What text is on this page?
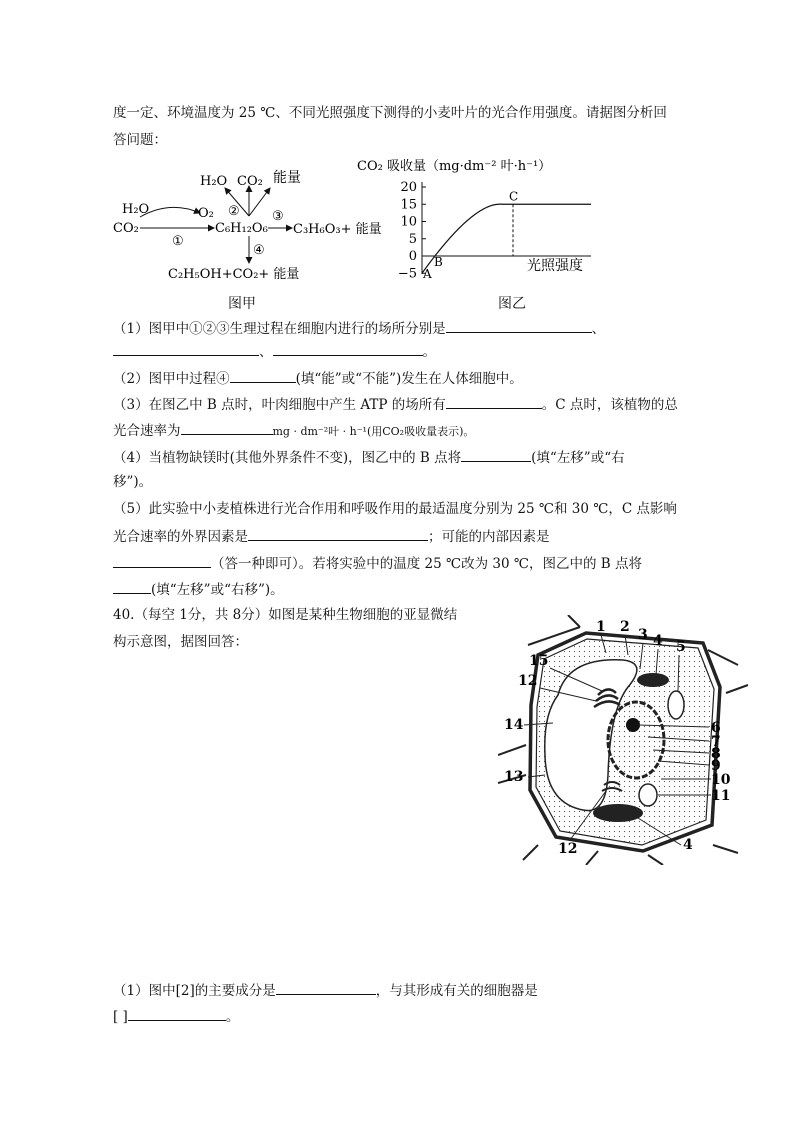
度一定、环境温度为 25 ℃、不同光照强度下测得的小麦叶片的光合作用强度。请据图分析回
答问题：
H₂O
CO₂
①
O₂
C₆H₁₂O₆
H₂O CO₂ 能量
② ③
C₃H₆O₃+ 能量
④
C₂H₅OH+CO₂+ 能量
图甲
CO₂ 吸收量（mg·dm⁻² 叶·h⁻¹）
20
15
10
5
0
−5	光照强度
A
B
C
图乙
（1）图甲中①②③生理过程在细胞内进行的场所分别是	、
、	。
（2）图甲中过程④	(填“能”或“不能”)发生在人体细胞中。
（3）在图乙中 B 点时，叶肉细胞中产生 ATP 的场所有	。C 点时，该植物的总
光合速率为	mg · dm⁻²叶 · h⁻¹(用CO₂吸收量表示)。
（4）当植物缺镁时(其他外界条件不变)，图乙中的 B 点将	(填“左移”或“右
移”)。
（5）此实验中小麦植株进行光合作用和呼吸作用的最适温度分别为 25 ℃和 30 ℃，C 点影响
光合速率的外界因素是	；可能的内部因素是
（答一种即可）。若将实验中的温度 25 ℃改为 30 ℃，图乙中的 B 点将
(填“左移”或“右移”)。
40.（每空 1分，共 8分）如图是某种生物细胞的亚显微结
构示意图，据图回答：
1 2 3 4 5
15
12
14	6
7
8
9
13	10
11
12	4
（1）图中[2]的主要成分是	，与其形成有关的细胞器是
[ ]	。
